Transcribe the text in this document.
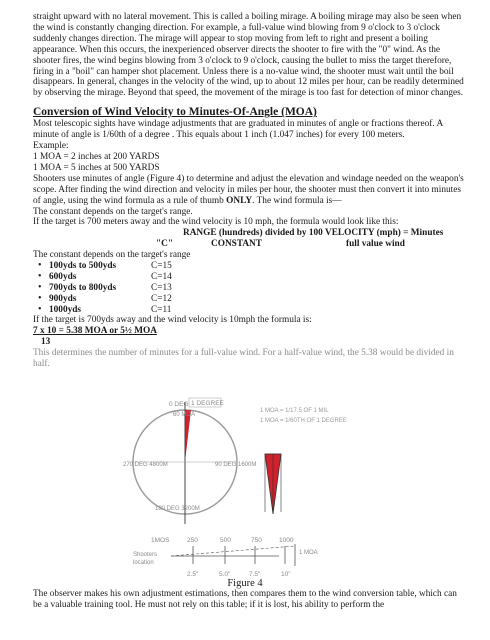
straight upward with no lateral movement. This is called a boiling mirage. A boiling mirage may also be seen when the wind is constantly changing direction. For example, a full-value wind blowing from 9 o'clock to 3 o'clock suddenly changes direction. The mirage will appear to stop moving from left to right and present a boiling appearance. When this occurs, the inexperienced observer directs the shooter to fire with the "0" wind. As the shooter fires, the wind begins blowing from 3 o'clock to 9 o'clock, causing the bullet to miss the target therefore, firing in a "boil" can hamper shot placement. Unless there is a no-value wind, the shooter must wait until the boil disappears. In general, changes in the velocity of the wind, up to about 12 miles per hour, can be readily determined by observing the mirage. Beyond that speed, the movement of the mirage is too fast for detection of minor changes.

Conversion of Wind Velocity to Minutes-Of-Angle (MOA)

Most telescopic sights have windage adjustments that are graduated in minutes of angle or fractions thereof. A minute of angle is 1/60th of a degree . This equals about 1 inch (1.047 inches) for every 100 meters.

Example:

1 MOA = 2 inches at 200 YARDS

1 MOA = 5 inches at 500 YARDS

Shooters use minutes of angle (Figure 4) to determine and adjust the elevation and windage needed on the weapon's scope. After finding the wind direction and velocity in miles per hour, the shooter must then convert it into minutes of angle, using the wind formula as a rule of thumb ONLY. The wind formula is—

The constant depends on the target's range.

If the target is 700 meters away and the wind velocity is 10 mph, the formula would look like this:

RANGE (hundreds) divided by 100 VELOCITY (mph) = Minutes

"C"	CONSTANT	full value wind

The constant depends on the target's range

• 100yds to 500yds	C=15
• 600yds	C=14
• 700yds to 800yds	C=13
• 900yds	C=12
• 1000yds	C=11

If the target is 700yds away and the wind velocity is 10mph the formula is:

7 x 10 = 5.38 MOA or 5½ MOA

13

This determines the number of minutes for a full-value wind. For a half-value wind, the 5.38 would be divided in half.

0 DEG 1 DEGREE
60 MOA
270 DEG 4800M	90 DEG 1600M
180 DEG 3200M
1 MOA = 1/17.5 OF 1 MIL
1 MOA = 1/60TH OF 1 DEGREE
1MOS	250	500	750	1000
Shooters
location
1 MOA
2.5"	5.0"	7.5"	10"
Figure 4

The observer makes his own adjustment estimations, then compares them to the wind conversion table, which can be a valuable training tool. He must not rely on this table; if it is lost, his ability to perform the
